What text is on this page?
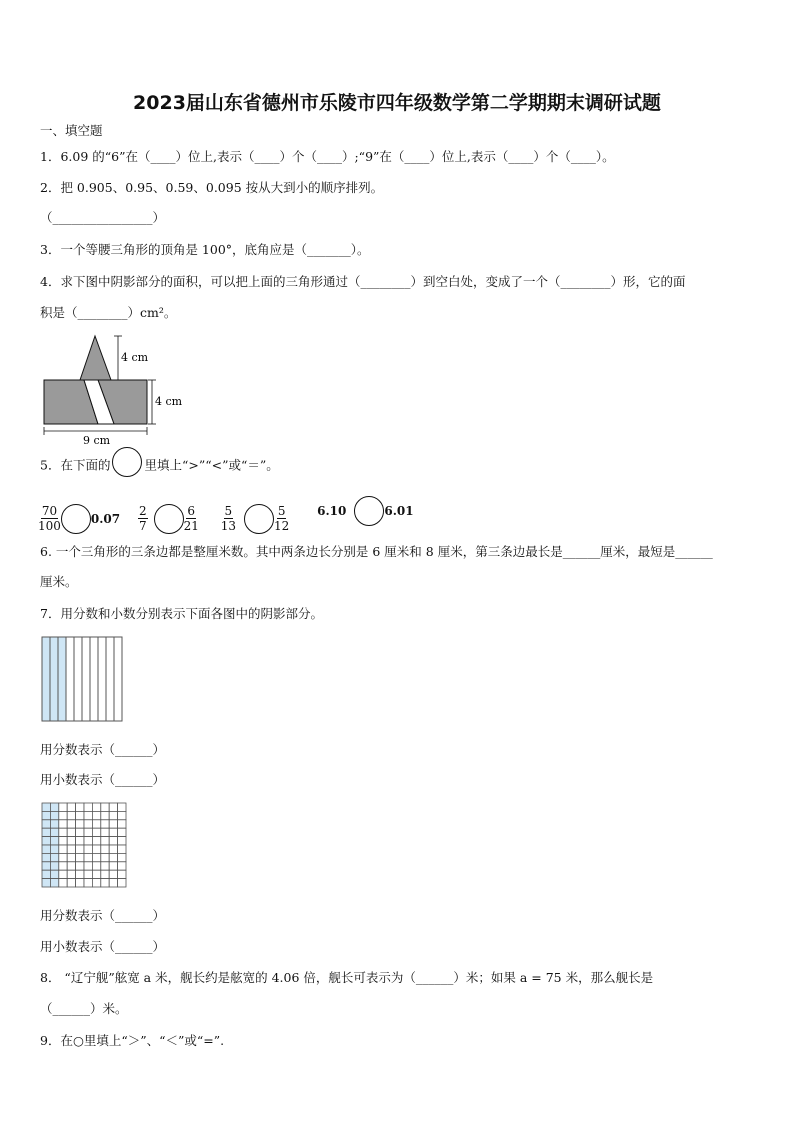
2023届山东省德州市乐陵市四年级数学第二学期期末调研试题
一、填空题
1．6.09 的“6”在（____）位上,表示（____）个（____）;“9”在（____）位上,表示（____）个（____）。
2．把 0.905、0.95、0.59、0.095 按从大到小的顺序排列。
（________________）
3．一个等腰三角形的顶角是 100°，底角应是（_______）。
4．求下图中阴影部分的面积，可以把上面的三角形通过（________）到空白处，变成了一个（________）形，它的面
积是（________）cm²。
4 cm
4 cm
9 cm
5．在下面的	里填上“>”“<”或“＝”。
$\frac{70}{100}$	0.07
$\frac{2}{7}$	$\frac{6}{21}$
$\frac{5}{13}$	$\frac{5}{12}$
6.10	6.01
6. 一个三角形的三条边都是整厘米数。其中两条边长分别是 6 厘米和 8 厘米，第三条边最长是______厘米，最短是______
厘米。
7．用分数和小数分别表示下面各图中的阴影部分。
用分数表示（______）
用小数表示（______）
用分数表示（______）
用小数表示（______）
8． “辽宁舰”舷宽 a 米，舰长约是舷宽的 4.06 倍，舰长可表示为（______）米；如果 a = 75 米，那么舰长是
（______）米。
9．在○里填上“＞”、“＜”或“=”.
